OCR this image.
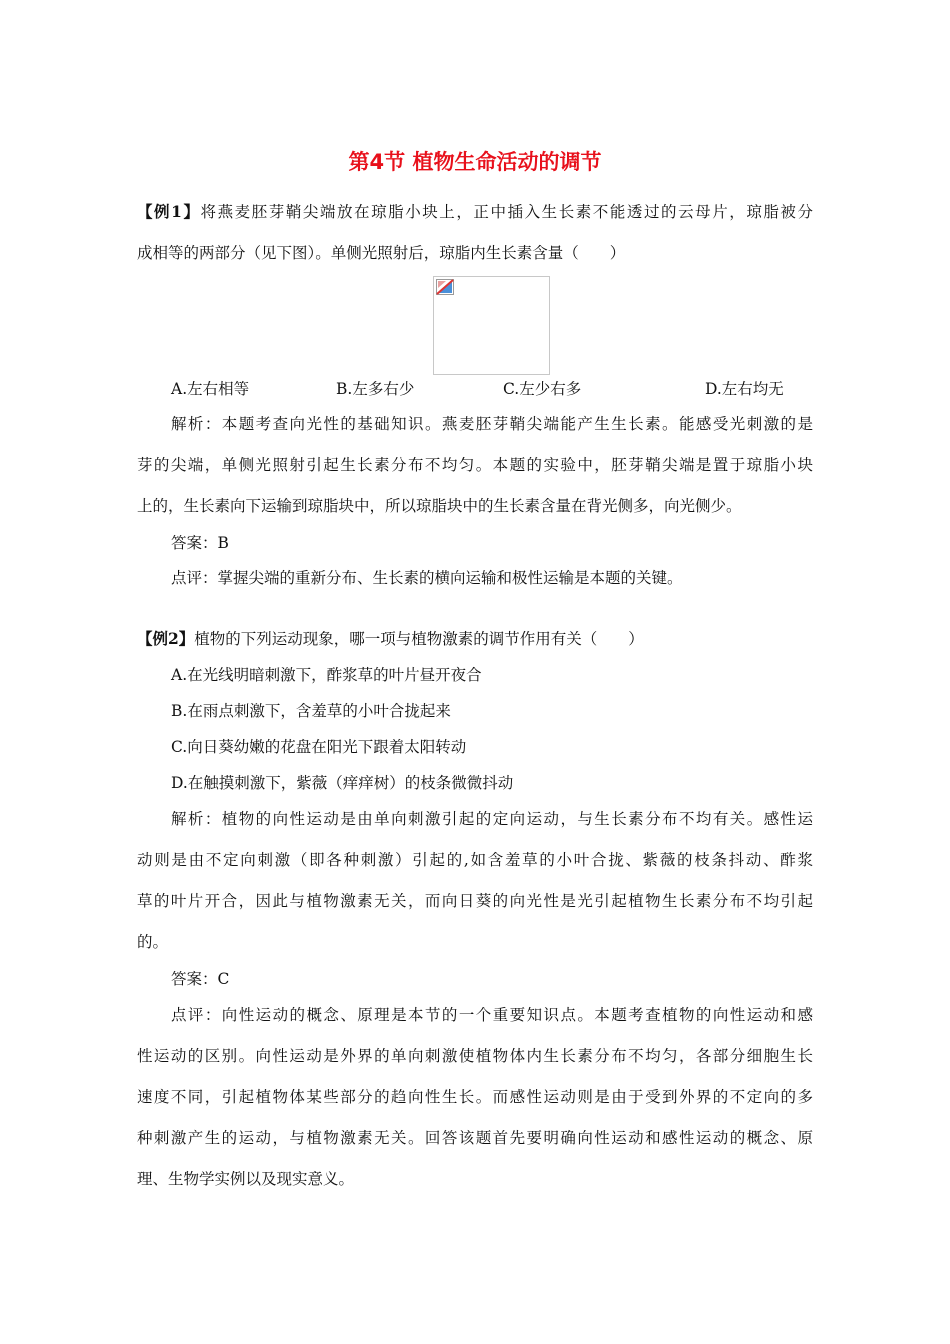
第4节 植物生命活动的调节
【例1】将燕麦胚芽鞘尖端放在琼脂小块上，正中插入生长素不能透过的云母片，琼脂被分
成相等的两部分（见下图）。单侧光照射后，琼脂内生长素含量（　　）
A.左右相等	B.左多右少	C.左少右多	D.左右均无
解析：本题考查向光性的基础知识。燕麦胚芽鞘尖端能产生生长素。能感受光刺激的是
芽的尖端，单侧光照射引起生长素分布不均匀。本题的实验中，胚芽鞘尖端是置于琼脂小块
上的，生长素向下运输到琼脂块中，所以琼脂块中的生长素含量在背光侧多，向光侧少。
答案：B
点评：掌握尖端的重新分布、生长素的横向运输和极性运输是本题的关键。
【例2】植物的下列运动现象，哪一项与植物激素的调节作用有关（　　）
A.在光线明暗刺激下，酢浆草的叶片昼开夜合
B.在雨点刺激下，含羞草的小叶合拢起来
C.向日葵幼嫩的花盘在阳光下跟着太阳转动
D.在触摸刺激下，紫薇（痒痒树）的枝条微微抖动
解析：植物的向性运动是由单向刺激引起的定向运动，与生长素分布不均有关。感性运
动则是由不定向刺激（即各种刺激）引起的,如含羞草的小叶合拢、紫薇的枝条抖动、酢浆
草的叶片开合，因此与植物激素无关，而向日葵的向光性是光引起植物生长素分布不均引起
的。
答案：C
点评：向性运动的概念、原理是本节的一个重要知识点。本题考查植物的向性运动和感
性运动的区别。向性运动是外界的单向刺激使植物体内生长素分布不均匀，各部分细胞生长
速度不同，引起植物体某些部分的趋向性生长。而感性运动则是由于受到外界的不定向的多
种刺激产生的运动，与植物激素无关。回答该题首先要明确向性运动和感性运动的概念、原
理、生物学实例以及现实意义。
